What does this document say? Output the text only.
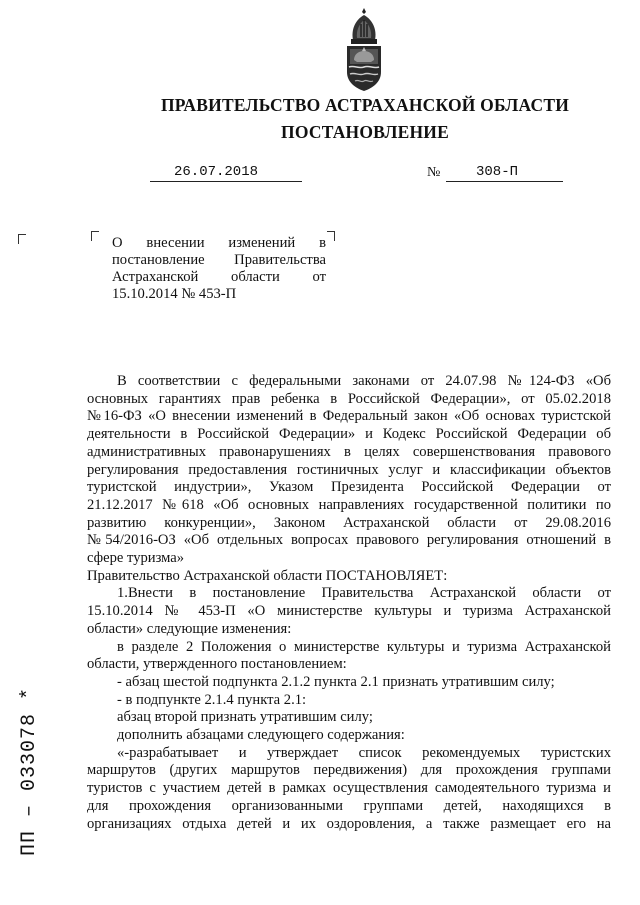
ПРАВИТЕЛЬСТВО АСТРАХАНСКОЙ ОБЛАСТИ
ПОСТАНОВЛЕНИЕ
26.07.2018	№	308-П
О внесении изменений в
постановление Правительства
Астраханской области от
15.10.2014 № 453-П

В соответствии с федеральными законами от 24.07.98 №124-ФЗ «Об

основных гарантиях прав ребенка в Российской Федерации», от 05.02.2018

№16-ФЗ «О внесении изменений в Федеральный закон «Об основах туристской

деятельности в Российской Федерации» и Кодекс Российской Федерации об

административных правонарушениях в целях совершенствования правового

регулирования предоставления гостиничных услуг и классификации объектов

туристской индустрии», Указом Президента Российской Федерации от

21.12.2017 №618 «Об основных направлениях государственной политики по

развитию конкуренции», Законом Астраханской области от 29.08.2016

№54/2016-ОЗ «Об отдельных вопросах правового регулирования отношений в

сфере туризма»

Правительство Астраханской области ПОСТАНОВЛЯЕТ:

1.Внести в постановление Правительства Астраханской области от

15.10.2014 № 453-П «О министерстве культуры и туризма Астраханской

области» следующие изменения:

в разделе 2 Положения о министерстве культуры и туризма Астраханской

области, утвержденного постановлением:

- абзац шестой подпункта 2.1.2 пункта 2.1 признать утратившим силу;

- в подпункте 2.1.4 пункта 2.1:

абзац второй признать утратившим силу;

дополнить абзацами следующего содержания:

«-разрабатывает и утверждает список рекомендуемых туристских

маршрутов (других маршрутов передвижения) для прохождения группами

туристов с участием детей в рамках осуществления самодеятельного туризма и

для прохождения организованными группами детей, находящихся в

организациях отдыха детей и их оздоровления, а также размещает его на

ПП – 033078 *
